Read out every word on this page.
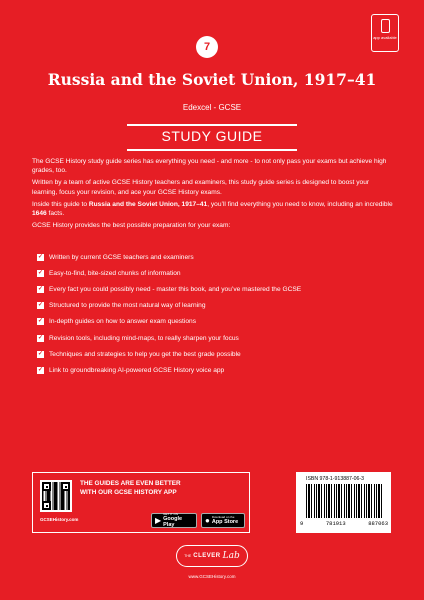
app available
7
Russia and the Soviet Union, 1917–41
Edexcel - GCSE
STUDY GUIDE

The GCSE History study guide series has everything you need - and more - to not only pass your exams but achieve high grades, too.

Written by a team of active GCSE History teachers and examiners, this study guide series is designed to boost your learning, focus your revision, and ace your GCSE History exams.

Inside this guide to Russia and the Soviet Union, 1917–41, you’ll find everything you need to know, including an incredible 1646 facts.

GCSE History provides the best possible preparation for your exam:

✓ Written by current GCSE teachers and examiners
✓ Easy-to-find, bite-sized chunks of information
✓ Every fact you could possibly need - master this book, and you’ve mastered the GCSE
✓ Structured to provide the most natural way of learning
✓ In-depth guides on how to answer exam questions
✓ Revision tools, including mind-maps, to really sharpen your focus
✓ Techniques and strategies to help you get the best grade possible
✓ Link to groundbreaking AI-powered GCSE History voice app
THE GUIDES ARE EVEN BETTER
WITH OUR GCSE HISTORY APP
GCSEHistory.com	▶
GET IT ON
Google Play	● Download on the
App Store
ISBN 978-1-913887-06-3
9	781913	887063
THE CLEVER Lab
www.GCSEHistory.com
